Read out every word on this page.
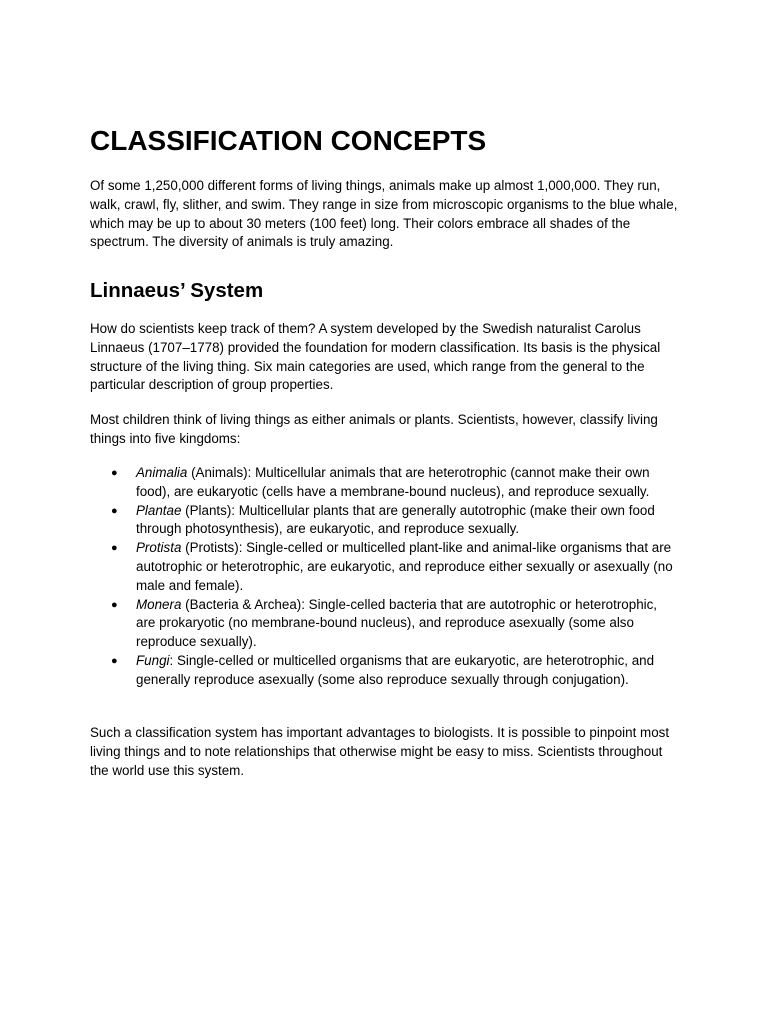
CLASSIFICATION CONCEPTS

Of some 1,250,000 different forms of living things, animals make up almost 1,000,000. They run, walk, crawl, fly, slither, and swim. They range in size from microscopic organisms to the blue whale, which may be up to about 30 meters (100 feet) long. Their colors embrace all shades of the spectrum. The diversity of animals is truly amazing.

Linnaeus’ System

How do scientists keep track of them? A system developed by the Swedish naturalist Carolus Linnaeus (1707–1778) provided the foundation for modern classification. Its basis is the physical structure of the living thing. Six main categories are used, which range from the general to the particular description of group properties.

Most children think of living things as either animals or plants. Scientists, however, classify living things into five kingdoms:

● Animalia (Animals): Multicellular animals that are heterotrophic (cannot make their own food), are eukaryotic (cells have a membrane-bound nucleus), and reproduce sexually.
● Plantae (Plants): Multicellular plants that are generally autotrophic (make their own food through photosynthesis), are eukaryotic, and reproduce sexually.
● Protista (Protists): Single-celled or multicelled plant-like and animal-like organisms that are autotrophic or heterotrophic, are eukaryotic, and reproduce either sexually or asexually (no male and female).
● Monera (Bacteria & Archea): Single-celled bacteria that are autotrophic or heterotrophic, are prokaryotic (no membrane-bound nucleus), and reproduce asexually (some also reproduce sexually).
● Fungi: Single-celled or multicelled organisms that are eukaryotic, are heterotrophic, and generally reproduce asexually (some also reproduce sexually through conjugation).

Such a classification system has important advantages to biologists. It is possible to pinpoint most living things and to note relationships that otherwise might be easy to miss. Scientists throughout the world use this system.
